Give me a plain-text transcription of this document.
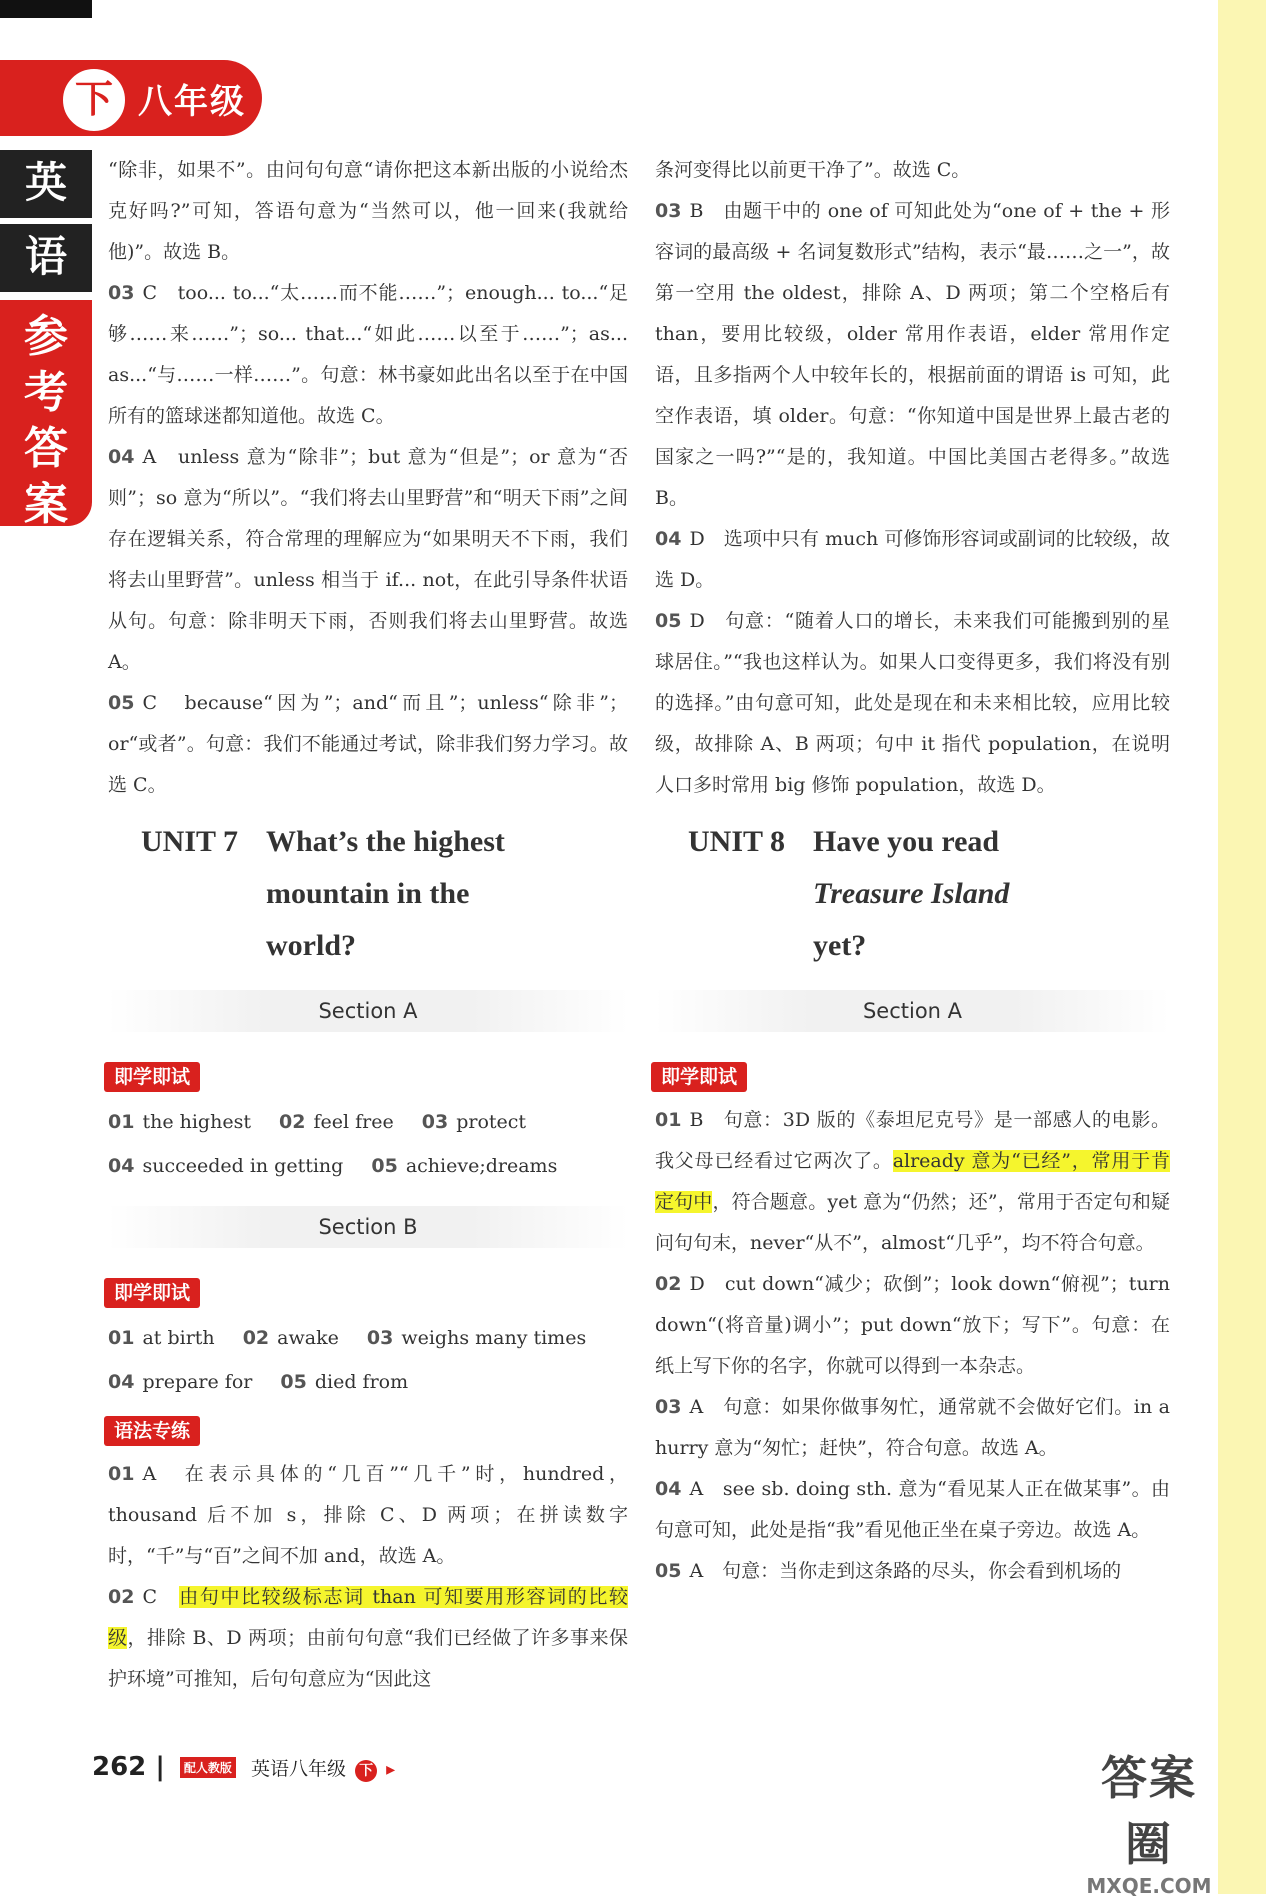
下 八年级
英
语
参
考
答
案

“除非，如果不”。由问句句意“请你把这本新出版的小说给杰克好吗?”可知，答语句意为“当然可以，他一回来(我就给他)”。故选 B。

03 C　too... to...“太……而不能……”；enough... to...“足够……来……”；so... that...“如此……以至于……”；as... as...“与……一样……”。句意：林书豪如此出名以至于在中国所有的篮球迷都知道他。故选 C。

04 A　unless 意为“除非”；but 意为“但是”；or 意为“否则”；so 意为“所以”。“我们将去山里野营”和“明天下雨”之间存在逻辑关系，符合常理的理解应为“如果明天不下雨，我们将去山里野营”。unless 相当于 if... not，在此引导条件状语从句。句意：除非明天下雨，否则我们将去山里野营。故选 A。

05 C　because“因为”；and“而且”；unless“除非”；or“或者”。句意：我们不能通过考试，除非我们努力学习。故选 C。

UNIT 7 What’s the highest mountain in the world?
Section A
即学即试
01 the highest 02 feel free 03 protect
04 succeeded in getting 05 achieve;dreams
Section B
即学即试
01 at birth 02 awake 03 weighs many times
04 prepare for 05 died from
语法专练

01 A　在表示具体的“几百”“几千”时，hundred，thousand 后不加 s，排除 C、D 两项；在拼读数字时，“千”与“百”之间不加 and，故选 A。

02 C　由句中比较级标志词 than 可知要用形容词的比较级，排除 B、D 两项；由前句句意“我们已经做了许多事来保护环境”可推知，后句句意应为“因此这

条河变得比以前更干净了”。故选 C。

03 B　由题干中的 one of 可知此处为“one of + the + 形容词的最高级 + 名词复数形式”结构，表示“最……之一”，故第一空用 the oldest，排除 A、D 两项；第二个空格后有 than，要用比较级，older 常用作表语，elder 常用作定语，且多指两个人中较年长的，根据前面的谓语 is 可知，此空作表语，填 older。句意：“你知道中国是世界上最古老的国家之一吗?”“是的，我知道。中国比美国古老得多。”故选 B。

04 D　选项中只有 much 可修饰形容词或副词的比较级，故选 D。

05 D　句意：“随着人口的增长，未来我们可能搬到别的星球居住。”“我也这样认为。如果人口变得更多，我们将没有别的选择。”由句意可知，此处是现在和未来相比较，应用比较级，故排除 A、B 两项；句中 it 指代 population，在说明人口多时常用 big 修饰 population，故选 D。

UNIT 8 Have you read
Treasure Island
yet?
Section A
即学即试

01 B　句意：3D 版的《泰坦尼克号》是一部感人的电影。我父母已经看过它两次了。already 意为“已经”，常用于肯定句中，符合题意。yet 意为“仍然；还”，常用于否定句和疑问句句末，never“从不”，almost“几乎”，均不符合句意。

02 D　cut down“减少；砍倒”；look down“俯视”；turn down“(将音量)调小”；put down“放下；写下”。句意：在纸上写下你的名字，你就可以得到一本杂志。

03 A　句意：如果你做事匆忙，通常就不会做好它们。in a hurry 意为“匆忙；赶快”，符合句意。故选 A。

04 A　see sb. doing sth. 意为“看见某人正在做某事”。由句意可知，此处是指“我”看见他正坐在桌子旁边。故选 A。

05 A　句意：当你走到这条路的尽头，你会看到机场的

262 | 配人教版 英语八年级 下 ▸	答案圈
MXQE.COM
